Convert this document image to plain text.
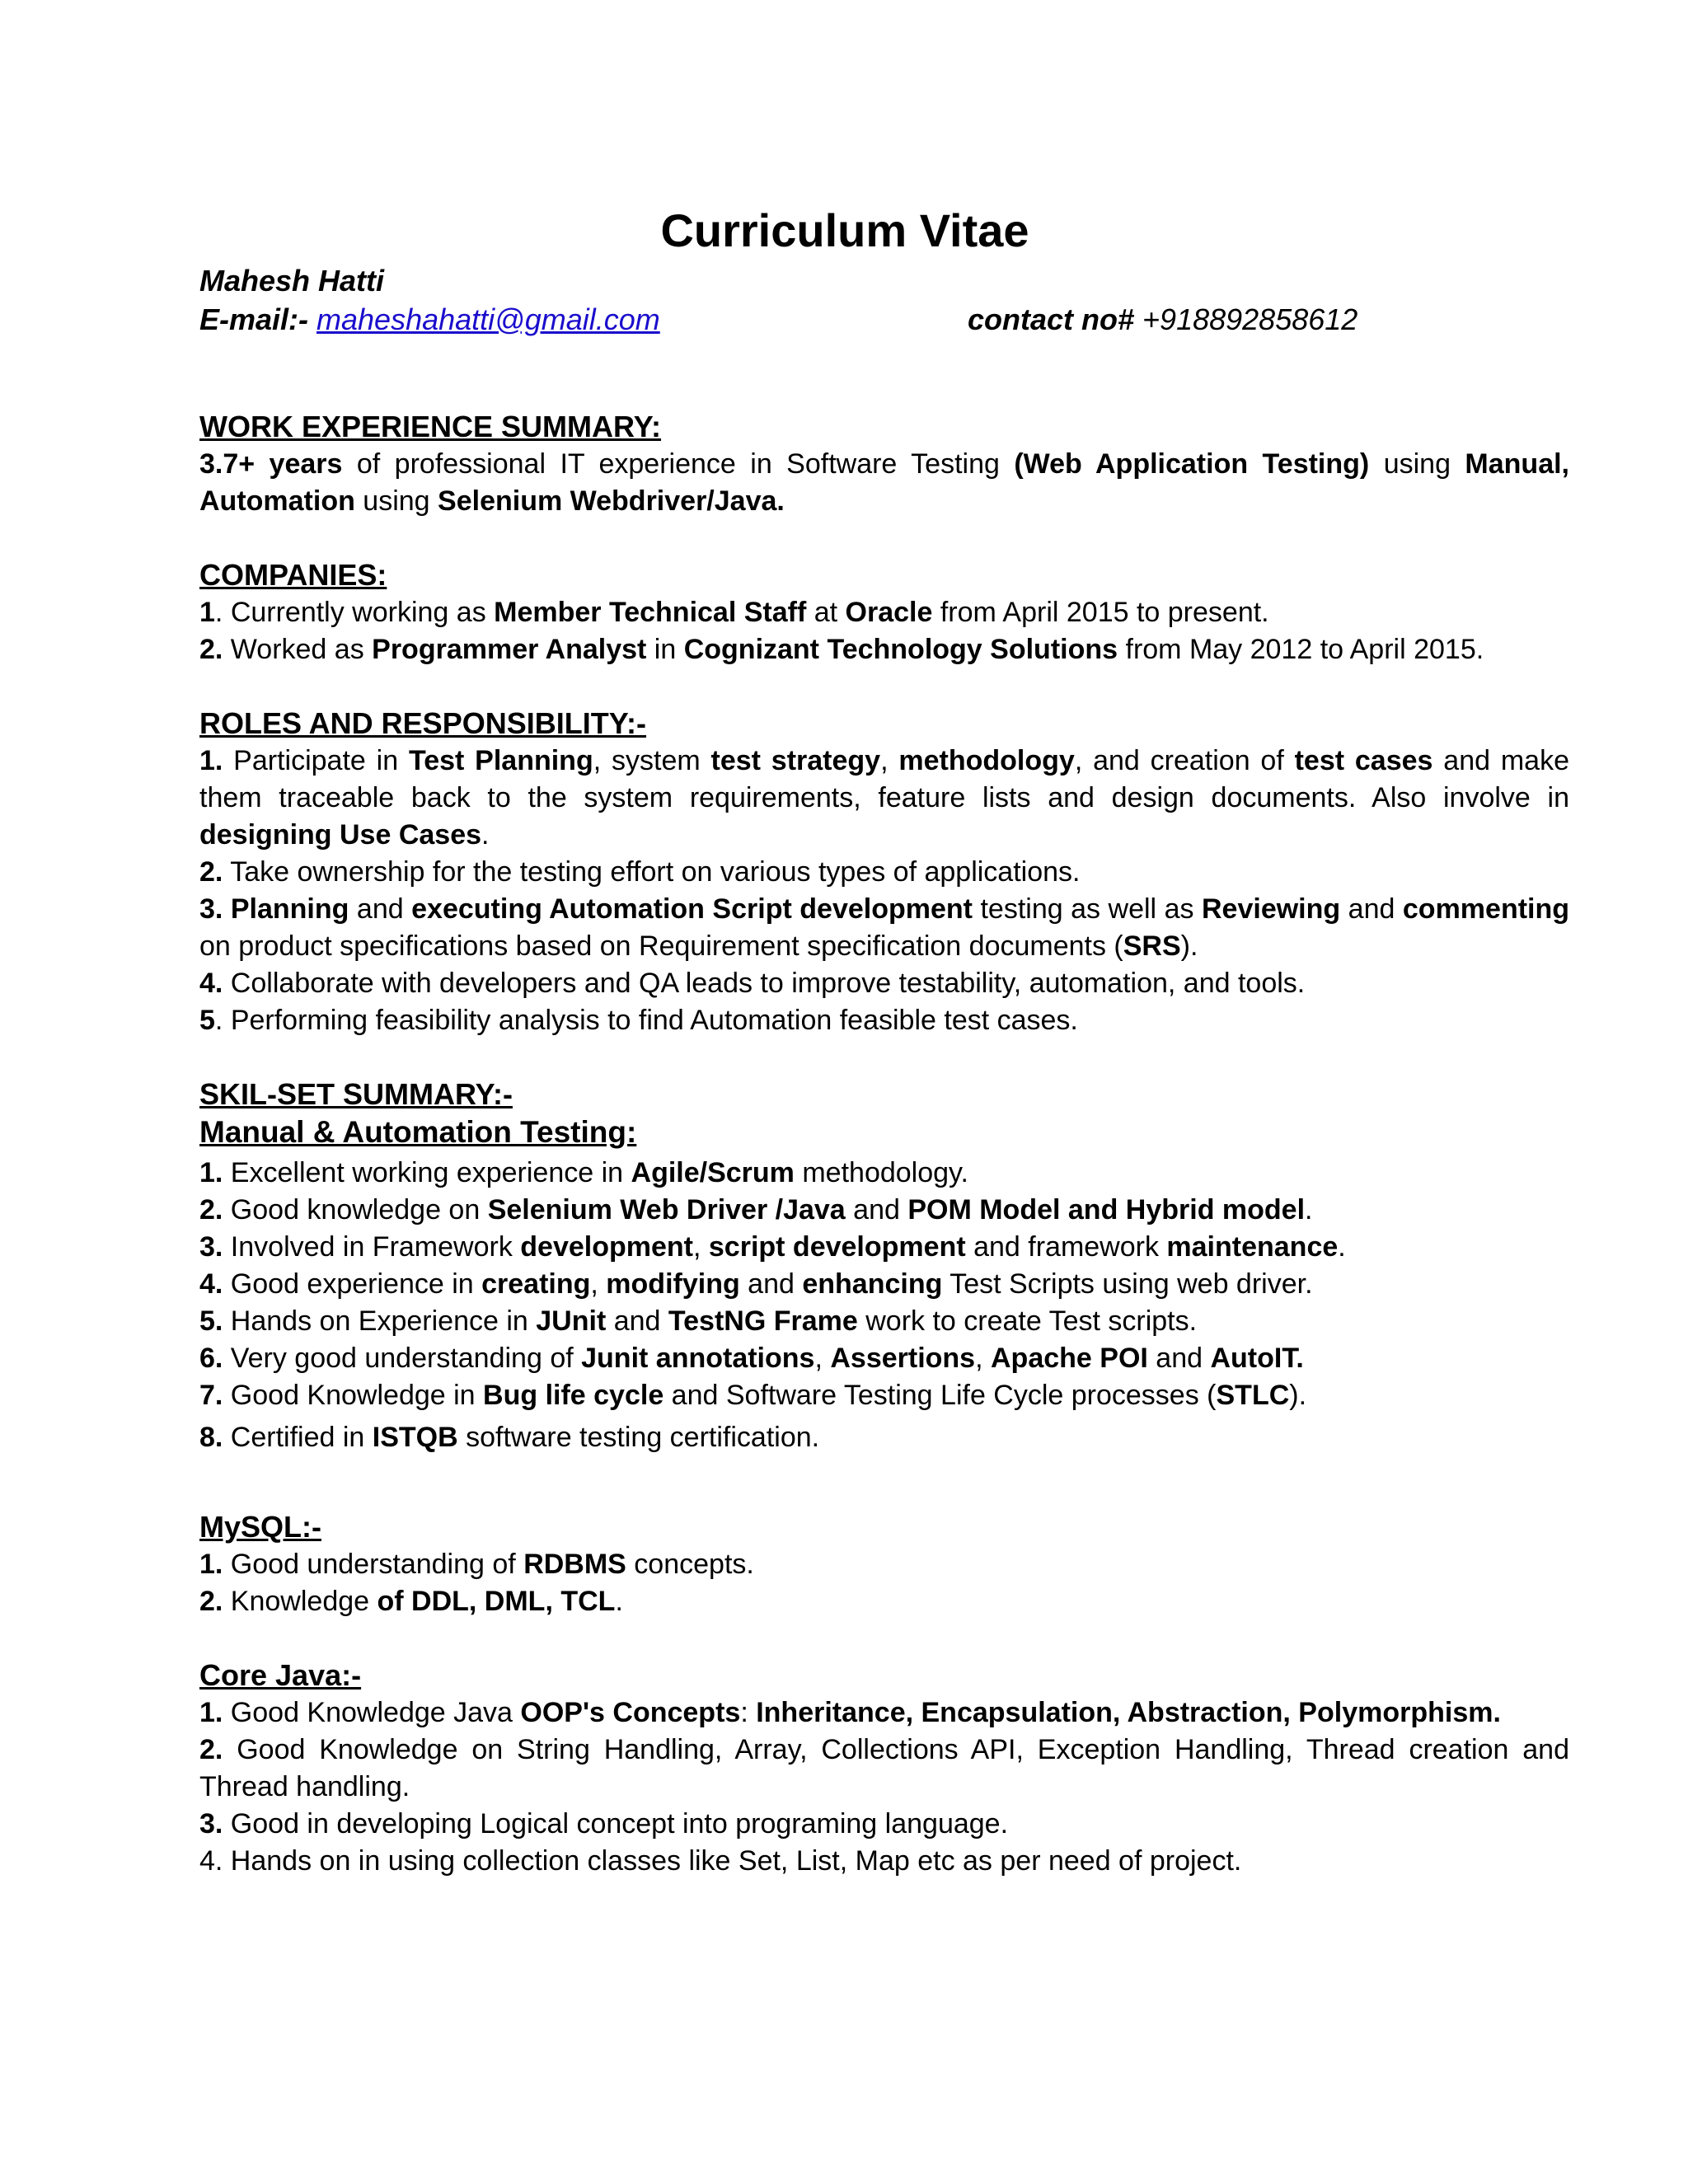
Curriculum Vitae

Mahesh Hatti

E-mail:- maheshahatti@gmail.com	contact no# +918892858612
WORK EXPERIENCE SUMMARY:

3.7+ years of professional IT experience in Software Testing (Web Application Testing) using Manual, Automation using Selenium Webdriver/Java.

COMPANIES:

1. Currently working as Member Technical Staff at Oracle from April 2015 to present.

2. Worked as Programmer Analyst in Cognizant Technology Solutions from May 2012 to April 2015.

ROLES AND RESPONSIBILITY:-

1. Participate in Test Planning, system test strategy, methodology, and creation of test cases and make them traceable back to the system requirements, feature lists and design documents. Also involve in designing Use Cases.

2. Take ownership for the testing effort on various types of applications.

3. Planning and executing Automation Script development testing as well as Reviewing and commenting on product specifications based on Requirement specification documents (SRS).

4. Collaborate with developers and QA leads to improve testability, automation, and tools.

5. Performing feasibility analysis to find Automation feasible test cases.

SKIL-SET SUMMARY:-
Manual & Automation Testing:

1. Excellent working experience in Agile/Scrum methodology.

2. Good knowledge on Selenium Web Driver /Java and POM Model and Hybrid model.

3. Involved in Framework development, script development and framework maintenance.

4. Good experience in creating, modifying and enhancing Test Scripts using web driver.

5. Hands on Experience in JUnit and TestNG Frame work to create Test scripts.

6. Very good understanding of Junit annotations, Assertions, Apache POI and AutoIT.

7. Good Knowledge in Bug life cycle and Software Testing Life Cycle processes (STLC).

8. Certified in ISTQB software testing certification.

MySQL:-

1. Good understanding of RDBMS concepts.

2. Knowledge of DDL, DML, TCL.

Core Java:-

1. Good Knowledge Java OOP's Concepts: Inheritance, Encapsulation, Abstraction, Polymorphism.

2. Good Knowledge on String Handling, Array, Collections API, Exception Handling, Thread creation and Thread handling.

3. Good in developing Logical concept into programing language.

4. Hands on in using collection classes like Set, List, Map etc as per need of project.
